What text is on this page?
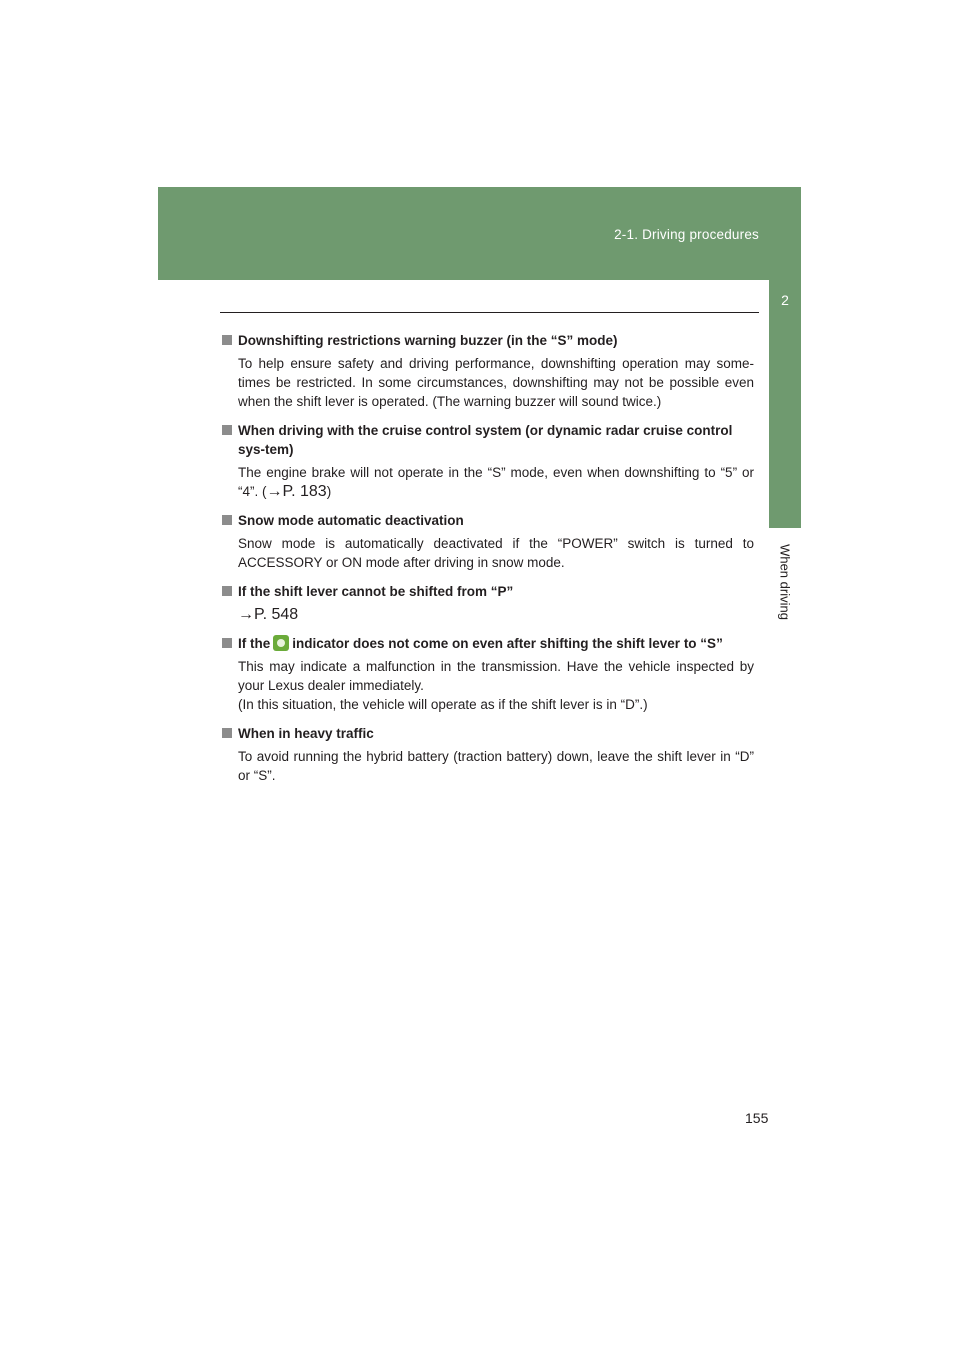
2-1. Driving procedures
2
When driving

Downshifting restrictions warning buzzer (in the “S” mode)

To help ensure safety and driving performance, downshifting operation may some-times be restricted. In some circumstances, downshifting may not be possible even when the shift lever is operated. (The warning buzzer will sound twice.)

When driving with the cruise control system (or dynamic radar cruise control sys-tem)

The engine brake will not operate in the “S” mode, even when downshifting to “5” or “4”. (→P. 183)

Snow mode automatic deactivation

Snow mode is automatically deactivated if the “POWER” switch is turned to ACCESSORY or ON mode after driving in snow mode.

If the shift lever cannot be shifted from “P”

→P. 548

If the indicator does not come on even after shifting the shift lever to “S”

This may indicate a malfunction in the transmission. Have the vehicle inspected by your Lexus dealer immediately.

(In this situation, the vehicle will operate as if the shift lever is in “D”.)

When in heavy traffic

To avoid running the hybrid battery (traction battery) down, leave the shift lever in “D” or “S”.

155
